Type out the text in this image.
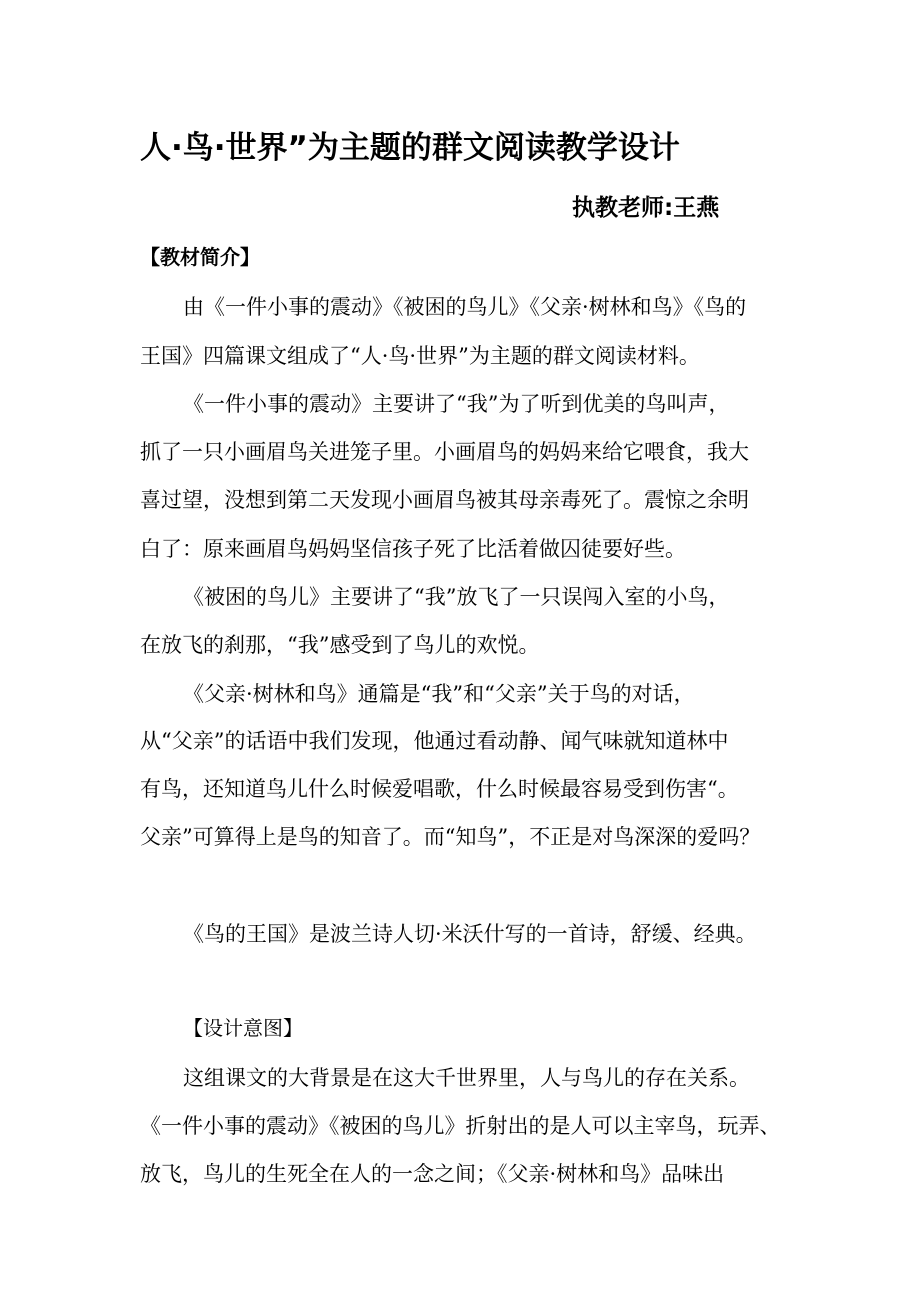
人·鸟·世界”为主题的群文阅读教学设计
执教老师:王燕
【教材简介】

由《一件小事的震动》《被困的鸟儿》《父亲·树林和鸟》《鸟的

王国》四篇课文组成了“人·鸟·世界”为主题的群文阅读材料。

《一件小事的震动》主要讲了“我”为了听到优美的鸟叫声，

抓了一只小画眉鸟关进笼子里。小画眉鸟的妈妈来给它喂食，我大

喜过望，没想到第二天发现小画眉鸟被其母亲毒死了。震惊之余明

白了：原来画眉鸟妈妈坚信孩子死了比活着做囚徒要好些。

《被困的鸟儿》主要讲了“我”放飞了一只误闯入室的小鸟，

在放飞的刹那，“我”感受到了鸟儿的欢悦。

《父亲·树林和鸟》通篇是“我”和“父亲”关于鸟的对话，

从“父亲”的话语中我们发现，他通过看动静、闻气味就知道林中

有鸟，还知道鸟儿什么时候爱唱歌，什么时候最容易受到伤害“。

父亲”可算得上是鸟的知音了。而“知鸟”，不正是对鸟深深的爱吗？

《鸟的王国》是波兰诗人切·米沃什写的一首诗，舒缓、经典。

【设计意图】

这组课文的大背景是在这大千世界里，人与鸟儿的存在关系。

《一件小事的震动》《被困的鸟儿》折射出的是人可以主宰鸟，玩弄、

放飞，鸟儿的生死全在人的一念之间；《父亲·树林和鸟》品味出
